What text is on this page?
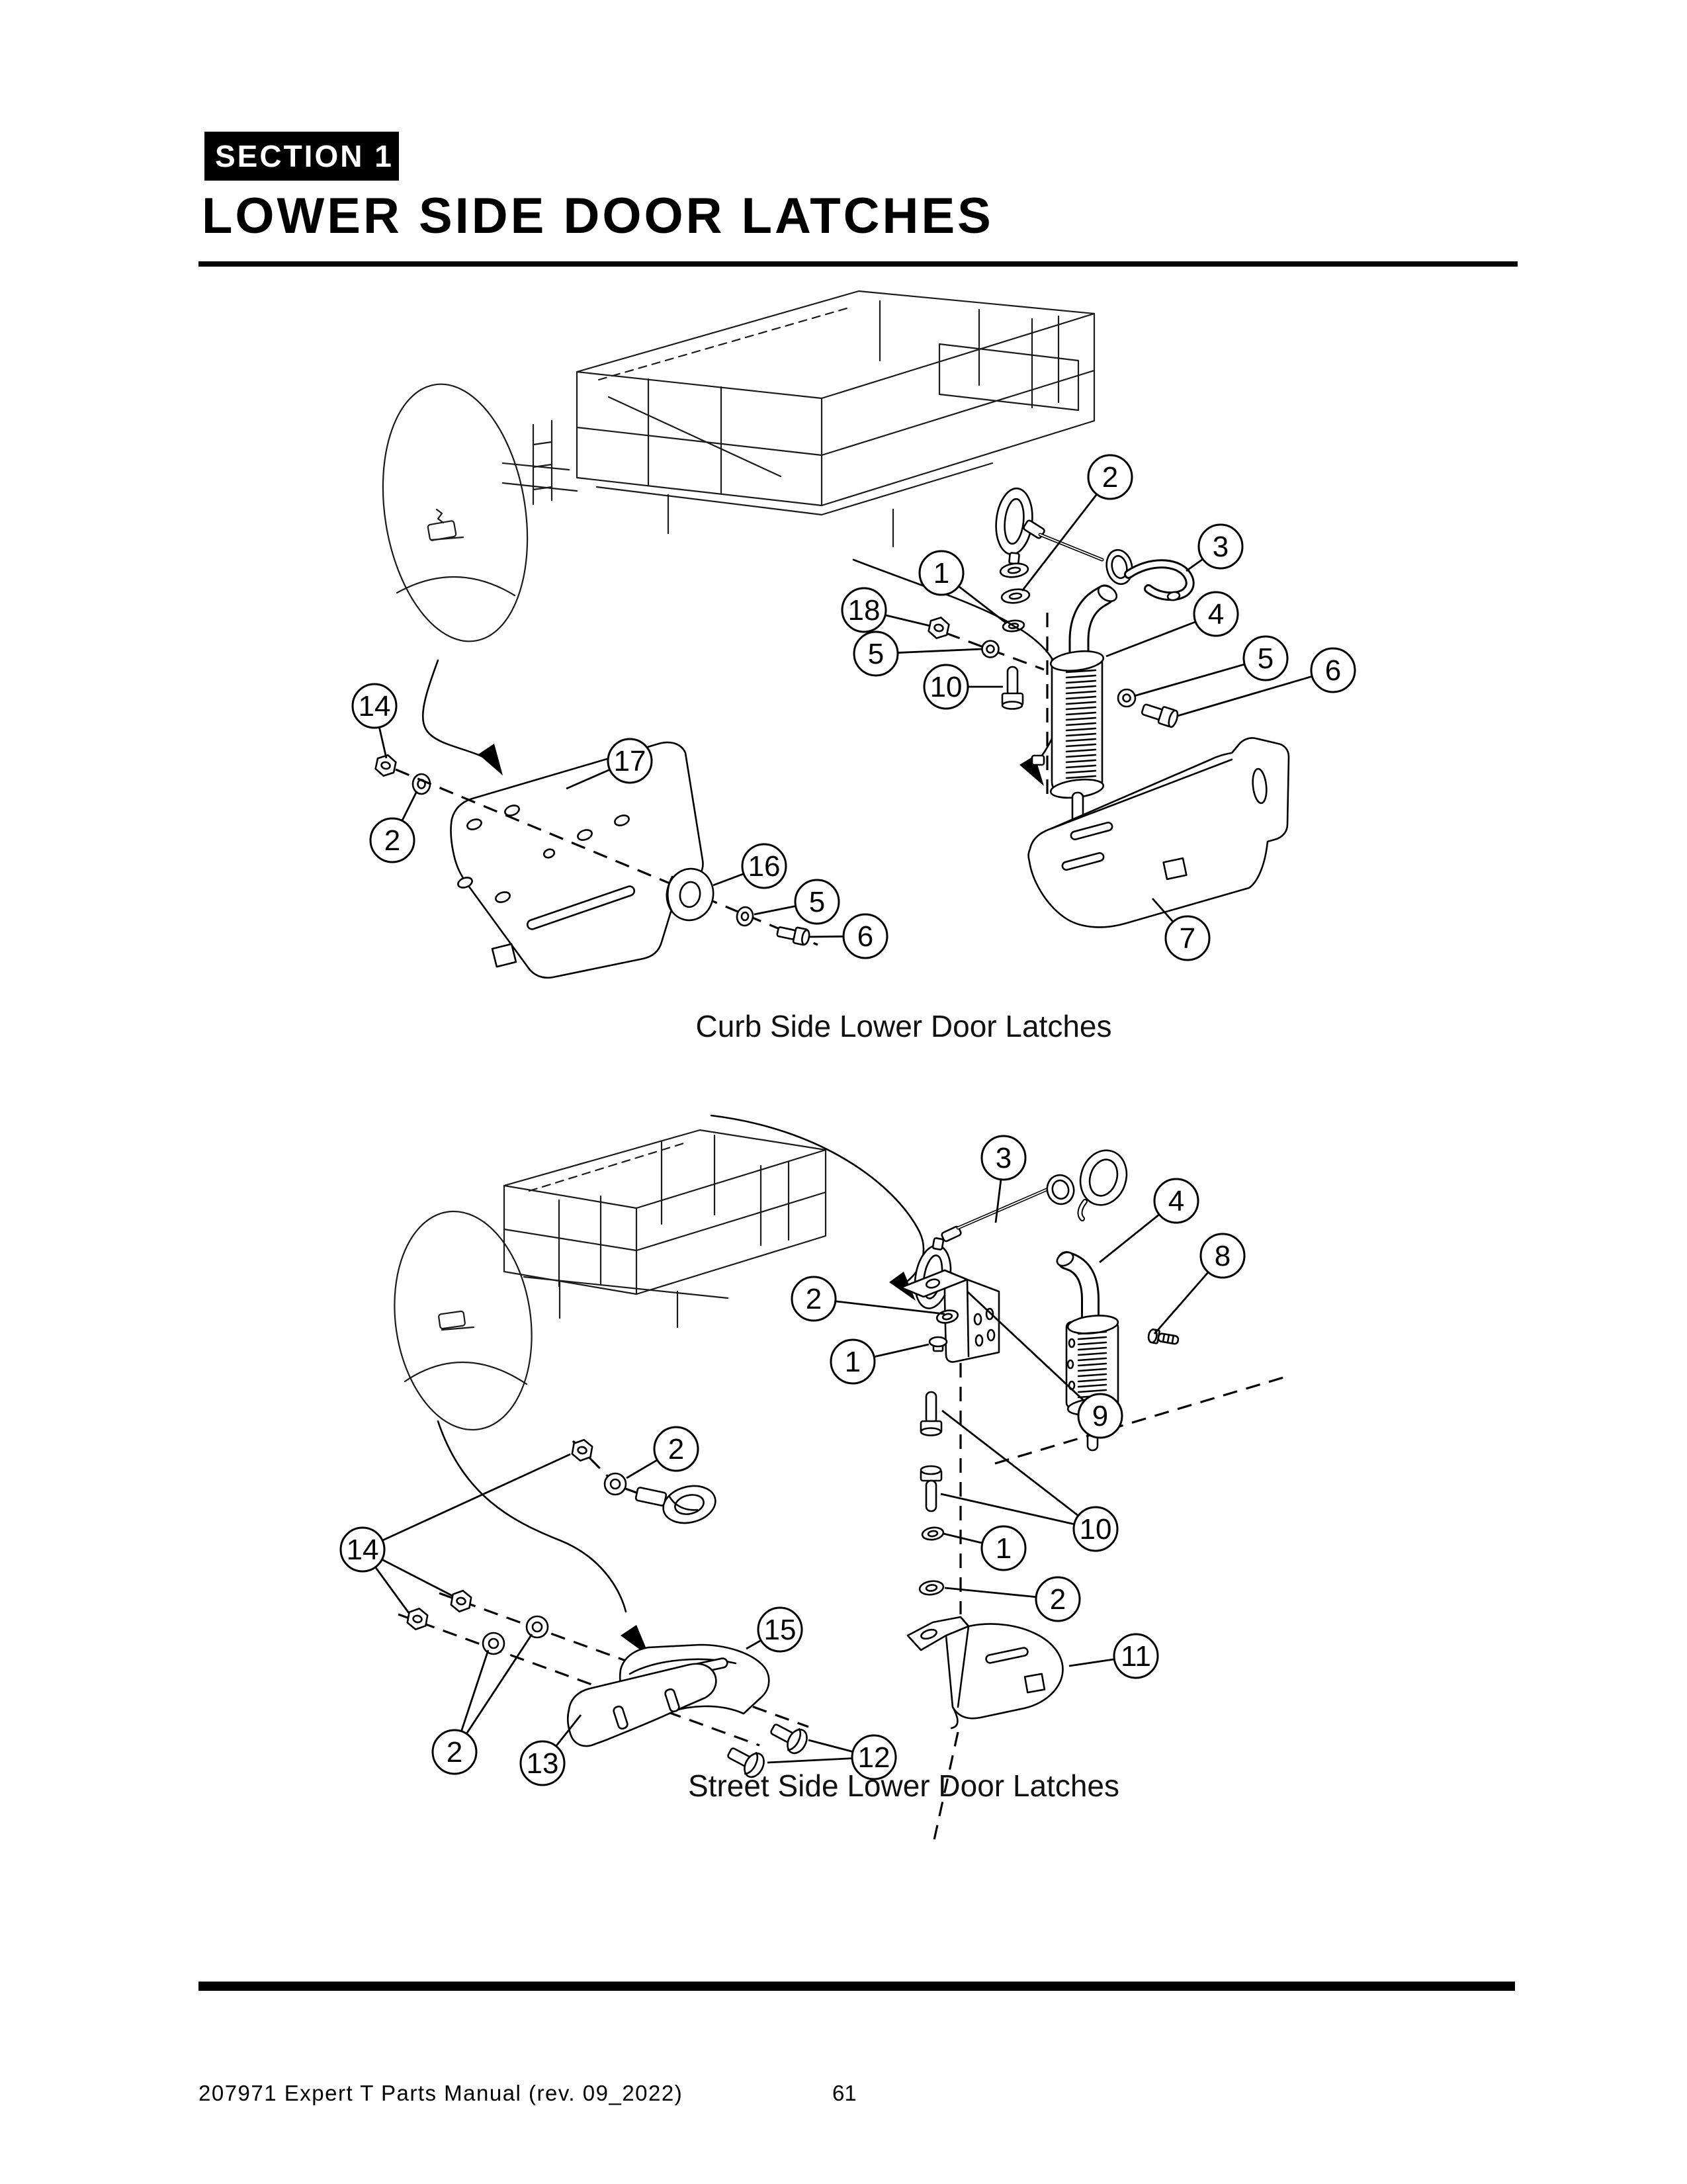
SECTION 1
LOWER SIDE DOOR LATCHES
2
3
1
18
5
10
4
5 6
14
17
2
16
5
6	7
3
4
8
2
1
9
10
1
2
11
2
14
15
2 13	12
Curb Side Lower Door Latches
Street Side Lower Door Latches
207971 Expert T Parts Manual (rev. 09_2022)	61
